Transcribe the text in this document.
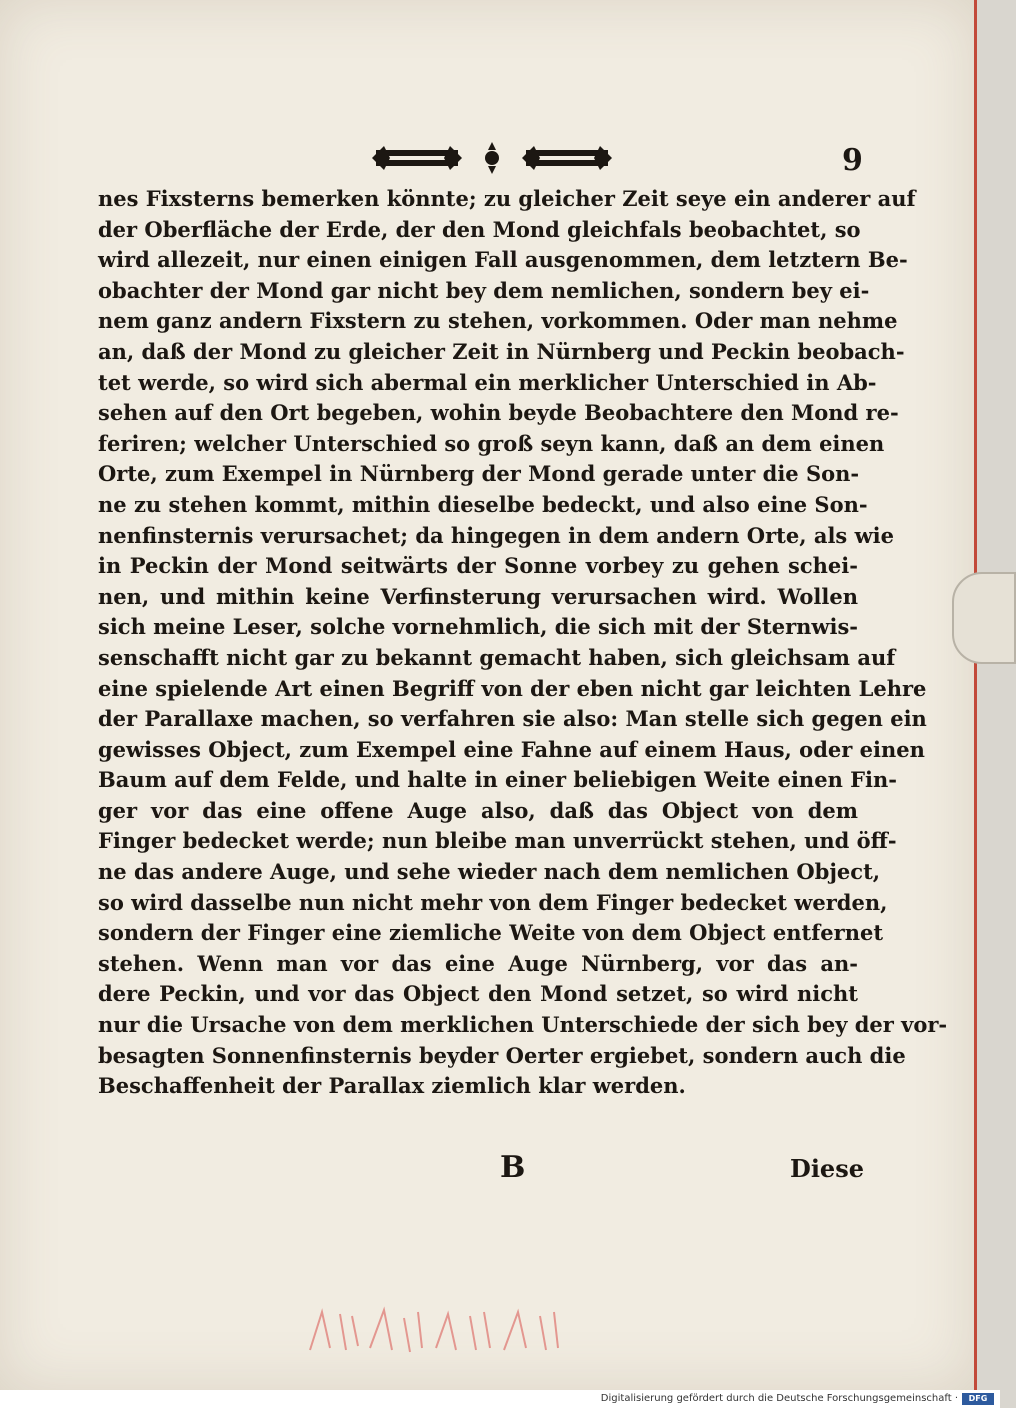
9
nes Fixsterns bemerken könnte; zu gleicher Zeit seye ein anderer auf
der Oberfläche der Erde, der den Mond gleichfals beobachtet, so
wird allezeit, nur einen einigen Fall ausgenommen, dem letztern Be-
obachter der Mond gar nicht bey dem nemlichen, sondern bey ei-
nem ganz andern Fixstern zu stehen, vorkommen. Oder man nehme
an, daß der Mond zu gleicher Zeit in Nürnberg und Peckin beobach-
tet werde, so wird sich abermal ein merklicher Unterschied in Ab-
sehen auf den Ort begeben, wohin beyde Beobachtere den Mond re-
feriren; welcher Unterschied so groß seyn kann, daß an dem einen
Orte, zum Exempel in Nürnberg der Mond gerade unter die Son-
ne zu stehen kommt, mithin dieselbe bedeckt, und also eine Son-
nenfinsternis verursachet; da hingegen in dem andern Orte, als wie
in Peckin der Mond seitwärts der Sonne vorbey zu gehen schei-
nen, und mithin keine Verfinsterung verursachen wird. Wollen
sich meine Leser, solche vornehmlich, die sich mit der Sternwis-
senschafft nicht gar zu bekannt gemacht haben, sich gleichsam auf
eine spielende Art einen Begriff von der eben nicht gar leichten Lehre
der Parallaxe machen, so verfahren sie also: Man stelle sich gegen ein
gewisses Object, zum Exempel eine Fahne auf einem Haus, oder einen
Baum auf dem Felde, und halte in einer beliebigen Weite einen Fin-
ger vor das eine offene Auge also, daß das Object von dem
Finger bedecket werde; nun bleibe man unverrückt stehen, und öff-
ne das andere Auge, und sehe wieder nach dem nemlichen Object,
so wird dasselbe nun nicht mehr von dem Finger bedecket werden,
sondern der Finger eine ziemliche Weite von dem Object entfernet
stehen. Wenn man vor das eine Auge Nürnberg, vor das an-
dere Peckin, und vor das Object den Mond setzet, so wird nicht
nur die Ursache von dem merklichen Unterschiede der sich bey der vor-
besagten Sonnenfinsternis beyder Oerter ergiebet, sondern auch die
Beschaffenheit der Parallax ziemlich klar werden.
B	Diese
Digitalisierung gefördert durch die Deutsche Forschungsgemeinschaft ·	DFG
